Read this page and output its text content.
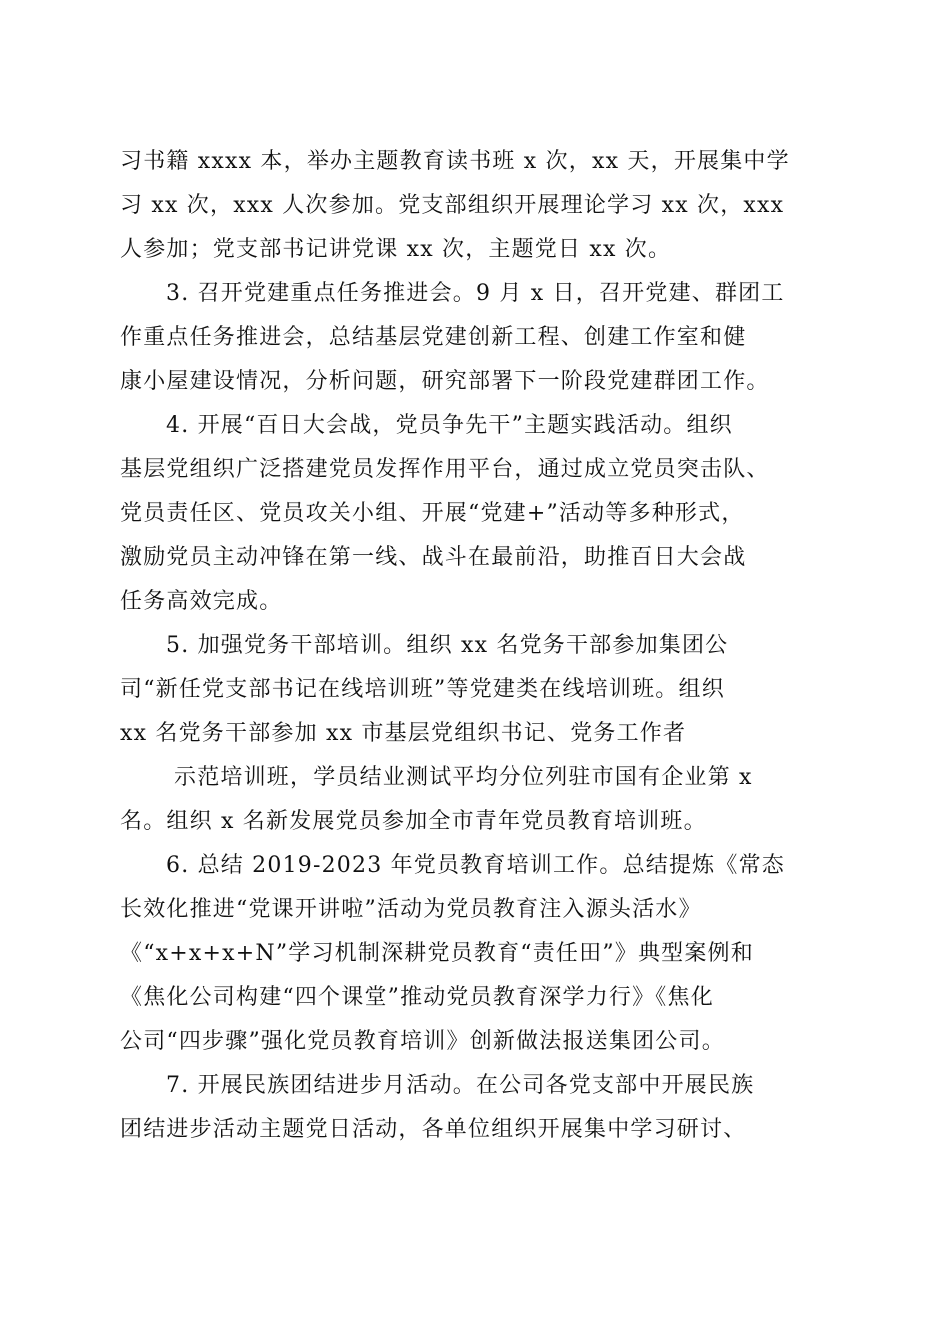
习书籍 xxxx 本，举办主题教育读书班 x 次，xx 天，开展集中学
习 xx 次，xxx 人次参加。党支部组织开展理论学习 xx 次，xxx
人参加；党支部书记讲党课 xx 次，主题党日 xx 次。
3. 召开党建重点任务推进会。9 月 x 日，召开党建、群团工
作重点任务推进会，总结基层党建创新工程、创建工作室和健
康小屋建设情况，分析问题，研究部署下一阶段党建群团工作。
4. 开展“百日大会战，党员争先干”主题实践活动。组织
基层党组织广泛搭建党员发挥作用平台，通过成立党员突击队、
党员责任区、党员攻关小组、开展“党建+”活动等多种形式，
激励党员主动冲锋在第一线、战斗在最前沿，助推百日大会战
任务高效完成。
5. 加强党务干部培训。组织 xx 名党务干部参加集团公
司“新任党支部书记在线培训班”等党建类在线培训班。组织
xx 名党务干部参加 xx 市基层党组织书记、党务工作者
示范培训班，学员结业测试平均分位列驻市国有企业第 x
名。组织 x 名新发展党员参加全市青年党员教育培训班。
6. 总结 2019-2023 年党员教育培训工作。总结提炼《常态
长效化推进“党课开讲啦”活动为党员教育注入源头活水》
《“x+x+x+N”学习机制深耕党员教育“责任田”》典型案例和
《焦化公司构建“四个课堂”推动党员教育深学力行》《焦化
公司“四步骤”强化党员教育培训》创新做法报送集团公司。
7. 开展民族团结进步月活动。在公司各党支部中开展民族
团结进步活动主题党日活动，各单位组织开展集中学习研讨、
